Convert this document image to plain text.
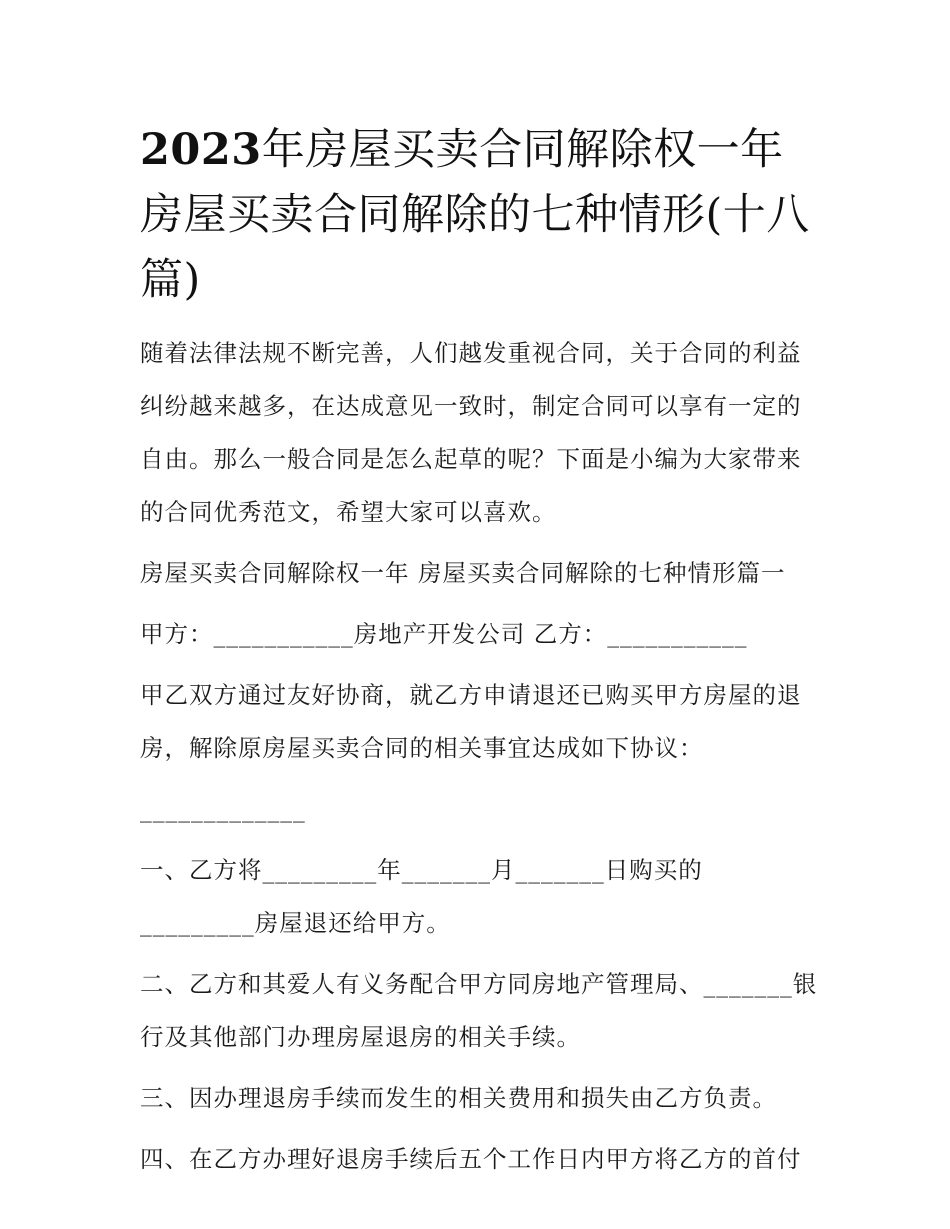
2023年房屋买卖合同解除权一年 房屋买卖合同解除的七种情形(十八篇)

随着法律法规不断完善，人们越发重视合同，关于合同的利益纠纷越来越多，在达成意见一致时，制定合同可以享有一定的自由。那么一般合同是怎么起草的呢？下面是小编为大家带来的合同优秀范文，希望大家可以喜欢。

房屋买卖合同解除权一年 房屋买卖合同解除的七种情形篇一

甲方：___________房地产开发公司 乙方：___________

甲乙双方通过友好协商，就乙方申请退还已购买甲方房屋的退房，解除原房屋买卖合同的相关事宜达成如下协议：

_____________

一、乙方将_________年_______月_______日购买的

_________房屋退还给甲方。

二、乙方和其爱人有义务配合甲方同房地产管理局、_______银行及其他部门办理房屋退房的相关手续。

三、因办理退房手续而发生的相关费用和损失由乙方负责。

四、在乙方办理好退房手续后五个工作日内甲方将乙方的首付
